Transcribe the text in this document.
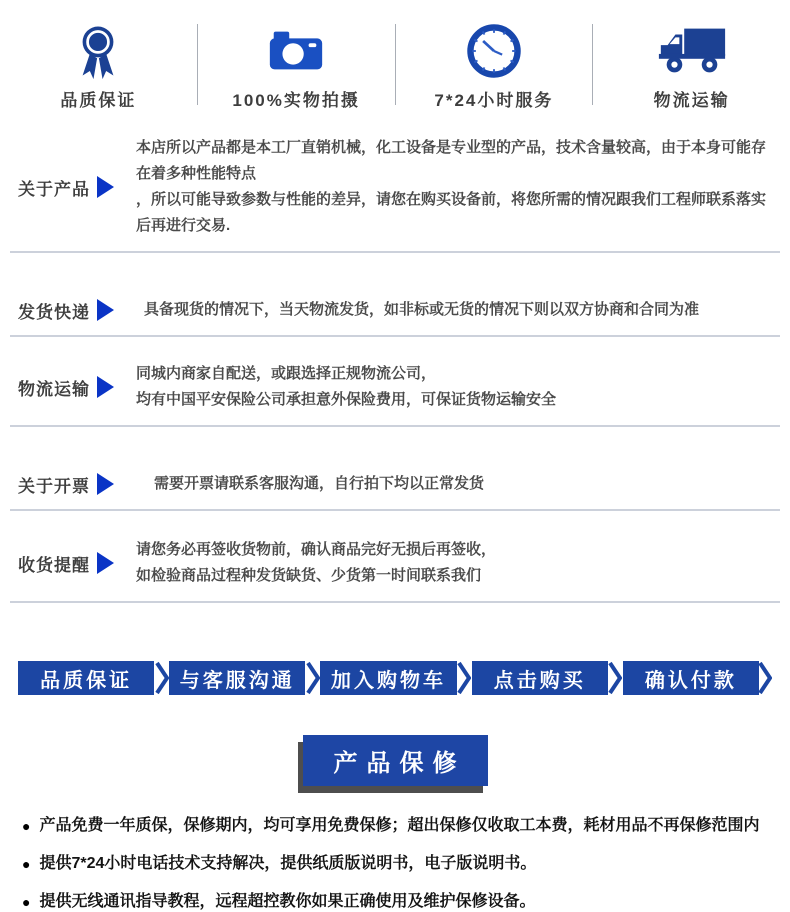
品质保证	100%实物拍摄	7*24小时服务	物流运输
关于产品
本店所以产品都是本工厂直销机械，化工设备是专业型的产品，技术含量较高，由于本身可能存在着多种性能特点
，所以可能导致参数与性能的差异，请您在购买设备前，将您所需的情况跟我们工程师联系落实后再进行交易.
发货快递	具备现货的情况下，当天物流发货，如非标或无货的情况下则以双方协商和合同为准
物流运输
同城内商家自配送，或跟选择正规物流公司，
均有中国平安保险公司承担意外保险费用，可保证货物运输安全
关于开票	需要开票请联系客服沟通，自行拍下均以正常发货
收货提醒
请您务必再签收货物前，确认商品完好无损后再签收，
如检验商品过程种发货缺货、少货第一时间联系我们
品质保证	与客服沟通	加入购物车	点击购买	确认付款
产品保修
● 产品免费一年质保，保修期内，均可享用免费保修；超出保修仅收取工本费，耗材用品不再保修范围内
● 提供7*24小时电话技术支持解决，提供纸质版说明书，电子版说明书。
● 提供无线通讯指导教程，远程超控教你如果正确使用及维护保修设备。
